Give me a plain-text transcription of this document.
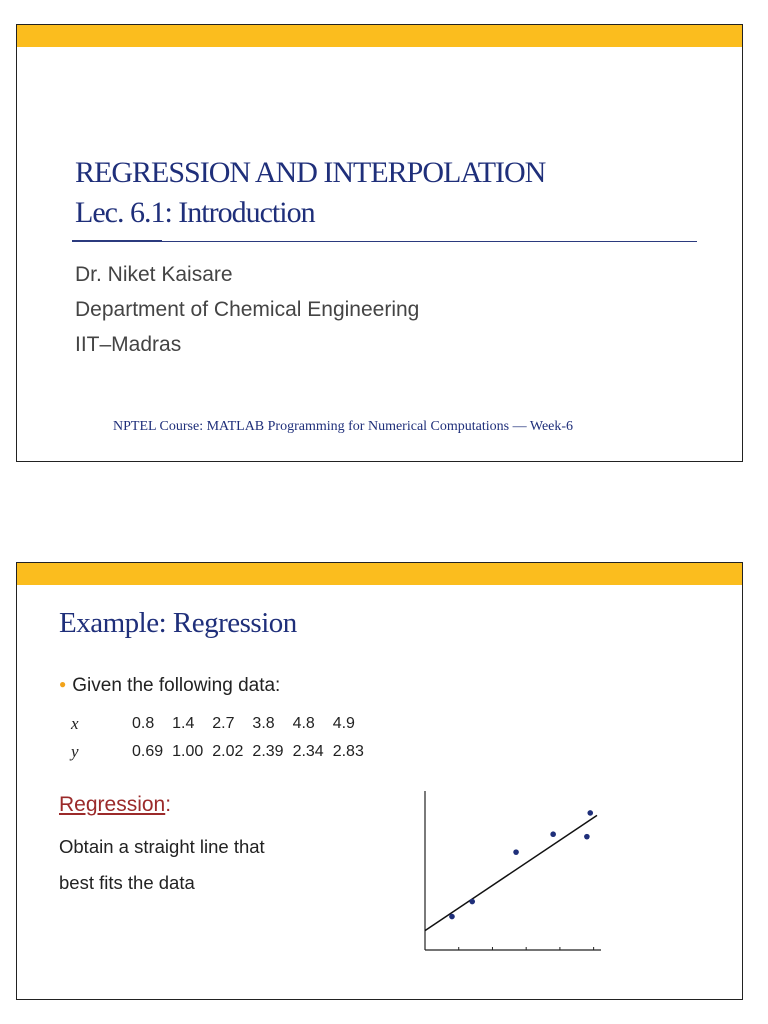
REGRESSION AND INTERPOLATION
Lec. 6.1: Introduction
Dr. Niket Kaisare
Department of Chemical Engineering
IIT–Madras
NPTEL Course: MATLAB Programming for Numerical Computations — Week-6
Example: Regression
● Given the following data:
x	0.8	1.4	2.7	3.8	4.8	4.9
y	0.69	1.00	2.02	2.39	2.34	2.83
Regression:
Obtain a straight line that
best fits the data
